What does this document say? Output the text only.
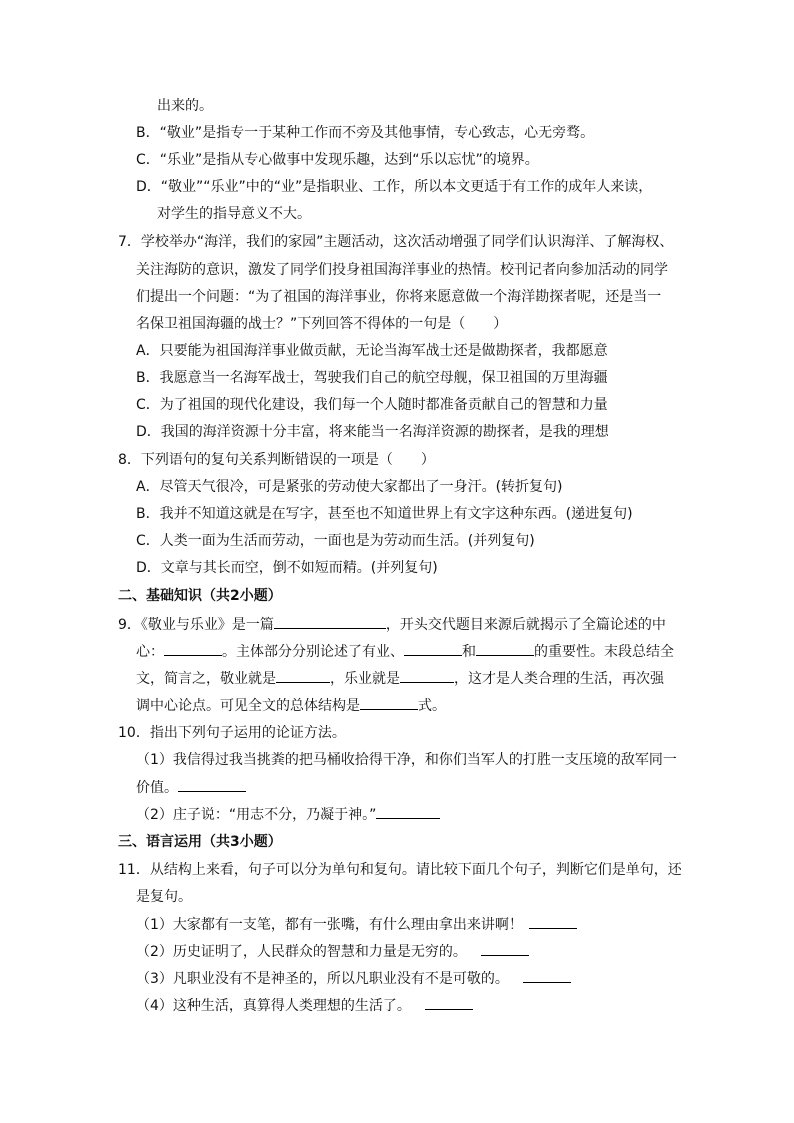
出来的。
B．“敬业”是指专一于某种工作而不旁及其他事情，专心致志，心无旁骛。
C．“乐业”是指从专心做事中发现乐趣，达到“乐以忘忧”的境界。
D．“敬业”“乐业”中的“业”是指职业、工作，所以本文更适于有工作的成年人来读，
对学生的指导意义不大。
7．学校举办“海洋，我们的家园”主题活动，这次活动增强了同学们认识海洋、了解海权、
关注海防的意识，激发了同学们投身祖国海洋事业的热情。校刊记者向参加活动的同学
们提出一个问题：“为了祖国的海洋事业，你将来愿意做一个海洋勘探者呢，还是当一
名保卫祖国海疆的战士？”下列回答不得体的一句是（　　）
A．只要能为祖国海洋事业做贡献，无论当海军战士还是做勘探者，我都愿意
B．我愿意当一名海军战士，驾驶我们自己的航空母舰，保卫祖国的万里海疆
C．为了祖国的现代化建设，我们每一个人随时都准备贡献自己的智慧和力量
D．我国的海洋资源十分丰富，将来能当一名海洋资源的勘探者，是我的理想
8．下列语句的复句关系判断错误的一项是（　　）
A．尽管天气很冷，可是紧张的劳动使大家都出了一身汗。(转折复句)
B．我并不知道这就是在写字，甚至也不知道世界上有文字这种东西。(递进复句)
C．人类一面为生活而劳动，一面也是为劳动而生活。(并列复句)
D．文章与其长而空，倒不如短而精。(并列复句)
二、基础知识（共2小题）
9．《敬业与乐业》是一篇	，开头交代题目来源后就揭示了全篇论述的中
心：	。主体部分分别论述了有业、	和	的重要性。末段总结全
文，简言之，敬业就是	，乐业就是	，这才是人类合理的生活，再次强
调中心论点。可见全文的总体结构是	式。
10．指出下列句子运用的论证方法。
（1）我信得过我当挑粪的把马桶收拾得干净，和你们当军人的打胜一支压境的敌军同一
价值。
（2）庄子说：“用志不分，乃凝于神。”
三、语言运用（共3小题）
11．从结构上来看，句子可以分为单句和复句。请比较下面几个句子，判断它们是单句，还
是复句。
（1）大家都有一支笔，都有一张嘴，有什么理由拿出来讲啊！
（2）历史证明了，人民群众的智慧和力量是无穷的。
（3）凡职业没有不是神圣的，所以凡职业没有不是可敬的。
（4）这种生活，真算得人类理想的生活了。
